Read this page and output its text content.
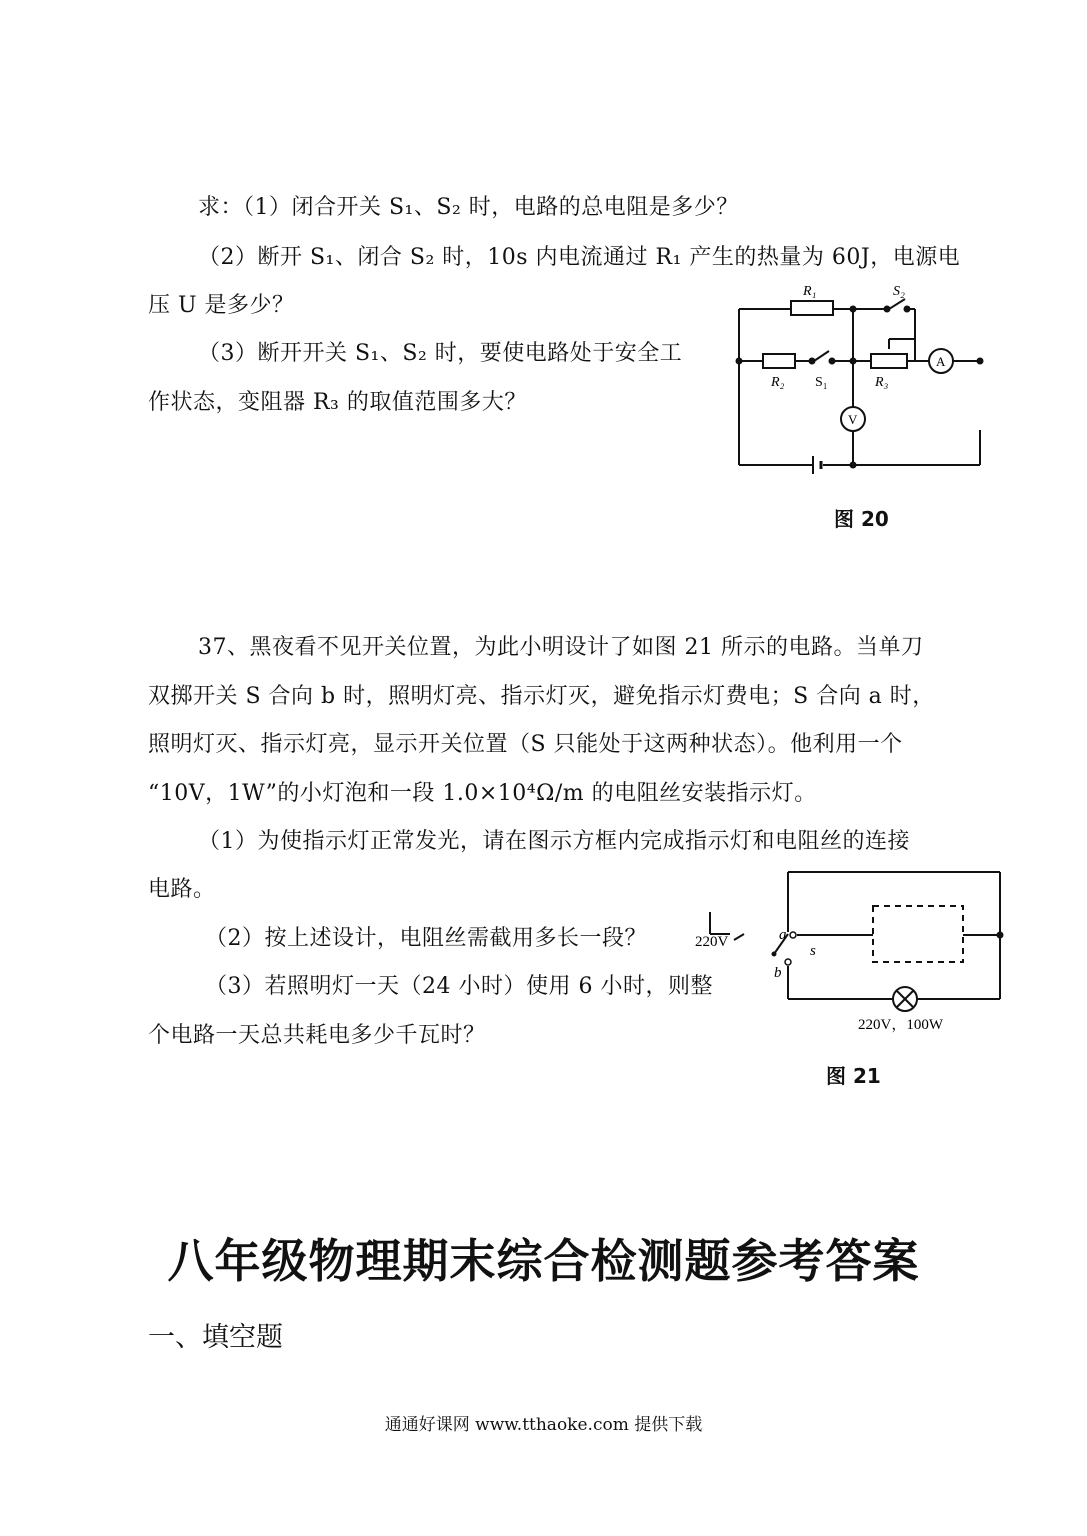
求：（1）闭合开关 S₁、S₂ 时，电路的总电阻是多少？
（2）断开 S₁、闭合 S₂ 时，10s 内电流通过 R₁ 产生的热量为 60J，电源电
压 U 是多少？
（3）断开开关 S₁、S₂ 时，要使电路处于安全工
作状态，变阻器 R₃ 的取值范围多大？
R₁	S₂
R₂ S₁	R₃
A
V
图 20
37、黑夜看不见开关位置，为此小明设计了如图 21 所示的电路。当单刀
双掷开关 S 合向 b 时，照明灯亮、指示灯灭，避免指示灯费电；S 合向 a 时，
照明灯灭、指示灯亮，显示开关位置（S 只能处于这两种状态）。他利用一个
“10V，1W”的小灯泡和一段 1.0×10⁴Ω/m 的电阻丝安装指示灯。
（1）为使指示灯正常发光，请在图示方框内完成指示灯和电阻丝的连接
电路。
（2）按上述设计，电阻丝需截用多长一段？
（3）若照明灯一天（24 小时）使用 6 小时，则整
个电路一天总共耗电多少千瓦时？
220V	a
b
s
220V，100W
图 21
八年级物理期末综合检测题参考答案
一、填空题
通通好课网 www.tthaoke.com 提供下载
